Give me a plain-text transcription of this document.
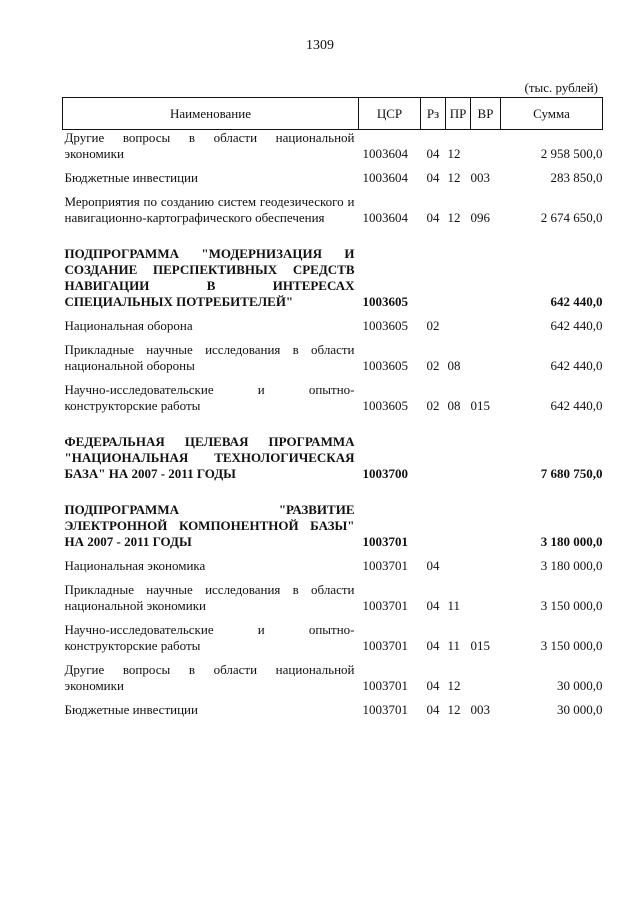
1309
(тыс. рублей)
Наименование	ЦСР	Рз	ПР	ВР	Сумма
Другие вопросы в области национальной экономики	1003604	04	12		2 958 500,0
Бюджетные инвестиции	1003604	04	12	003	283 850,0
Мероприятия по созданию систем геодезического и навигационно-картографического обеспечения	1003604	04	12	096	2 674 650,0

ПОДПРОГРАММА "МОДЕРНИЗАЦИЯ И СОЗДАНИЕ ПЕРСПЕКТИВНЫХ СРЕДСТВ НАВИГАЦИИ В ИНТЕРЕСАХ СПЕЦИАЛЬНЫХ ПОТРЕБИТЕЛЕЙ"	1003605				642 440,0
Национальная оборона	1003605	02			642 440,0
Прикладные научные исследования в области национальной обороны	1003605	02	08		642 440,0
Научно-исследовательские и опытно-конструкторские работы	1003605	02	08	015	642 440,0

ФЕДЕРАЛЬНАЯ ЦЕЛЕВАЯ ПРОГРАММА "НАЦИОНАЛЬНАЯ ТЕХНОЛОГИЧЕСКАЯ БАЗА" НА 2007 - 2011 ГОДЫ	1003700				7 680 750,0

ПОДПРОГРАММА "РАЗВИТИЕ ЭЛЕКТРОННОЙ КОМПОНЕНТНОЙ БАЗЫ" НА 2007 - 2011 ГОДЫ	1003701				3 180 000,0
Национальная экономика	1003701	04			3 180 000,0
Прикладные научные исследования в области национальной экономики	1003701	04	11		3 150 000,0
Научно-исследовательские и опытно-конструкторские работы	1003701	04	11	015	3 150 000,0
Другие вопросы в области национальной экономики	1003701	04	12		30 000,0
Бюджетные инвестиции	1003701	04	12	003	30 000,0
